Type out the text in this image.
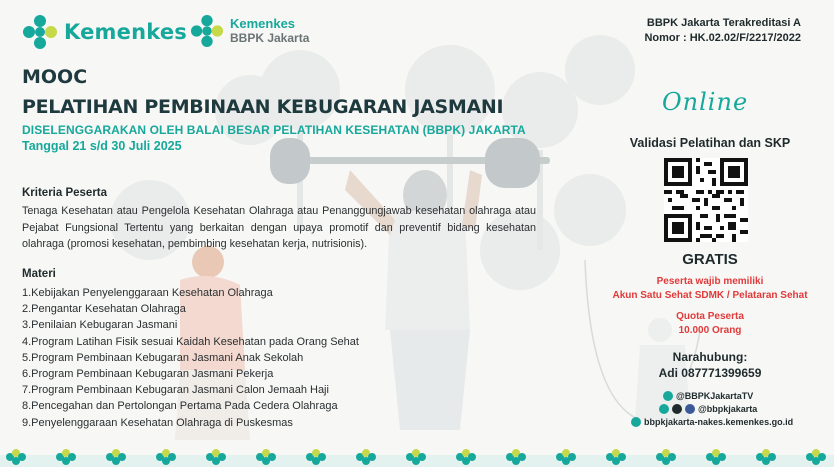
Kemenkes	Kemenkes
BBPK Jakarta
BBPK Jakarta Terakreditasi A
Nomor : HK.02.02/F/2217/2022
MOOC
PELATIHAN PEMBINAAN KEBUGARAN JASMANI
DISELENGGARAKAN OLEH BALAI BESAR PELATIHAN KESEHATAN (BBPK) JAKARTA
Tanggal 21 s/d 30 Juli 2025
Kriteria Peserta
Tenaga Kesehatan atau Pengelola Kesehatan Olahraga atau Penanggungjawab kesehatan olahraga atau Pejabat Fungsional Tertentu yang berkaitan dengan upaya promotif dan preventif bidang kesehatan olahraga (promosi kesehatan, pembimbing kesehatan kerja, nutrisionis).
Materi
1.Kebijakan Penyelenggaraan Kesehatan Olahraga
2.Pengantar Kesehatan Olahraga
3.Penilaian Kebugaran Jasmani
4.Program Latihan Fisik sesuai Kaidah Kesehatan pada Orang Sehat
5.Program Pembinaan Kebugaran Jasmani Anak Sekolah
6.Program Pembinaan Kebugaran Jasmani Pekerja
7.Program Pembinaan Kebugaran Jasmani Calon Jemaah Haji
8.Pencegahan dan Pertolongan Pertama Pada Cedera Olahraga
9.Penyelenggaraan Kesehatan Olahraga di Puskesmas
Online
Validasi Pelatihan dan SKP
GRATIS
Peserta wajib memiliki
Akun Satu Sehat SDMK / Pelataran Sehat
Quota Peserta
10.000 Orang
Narahubung:
Adi 087771399659
@BBPKJakartaTV
@bbpkjakarta
bbpkjakarta-nakes.kemenkes.go.id
